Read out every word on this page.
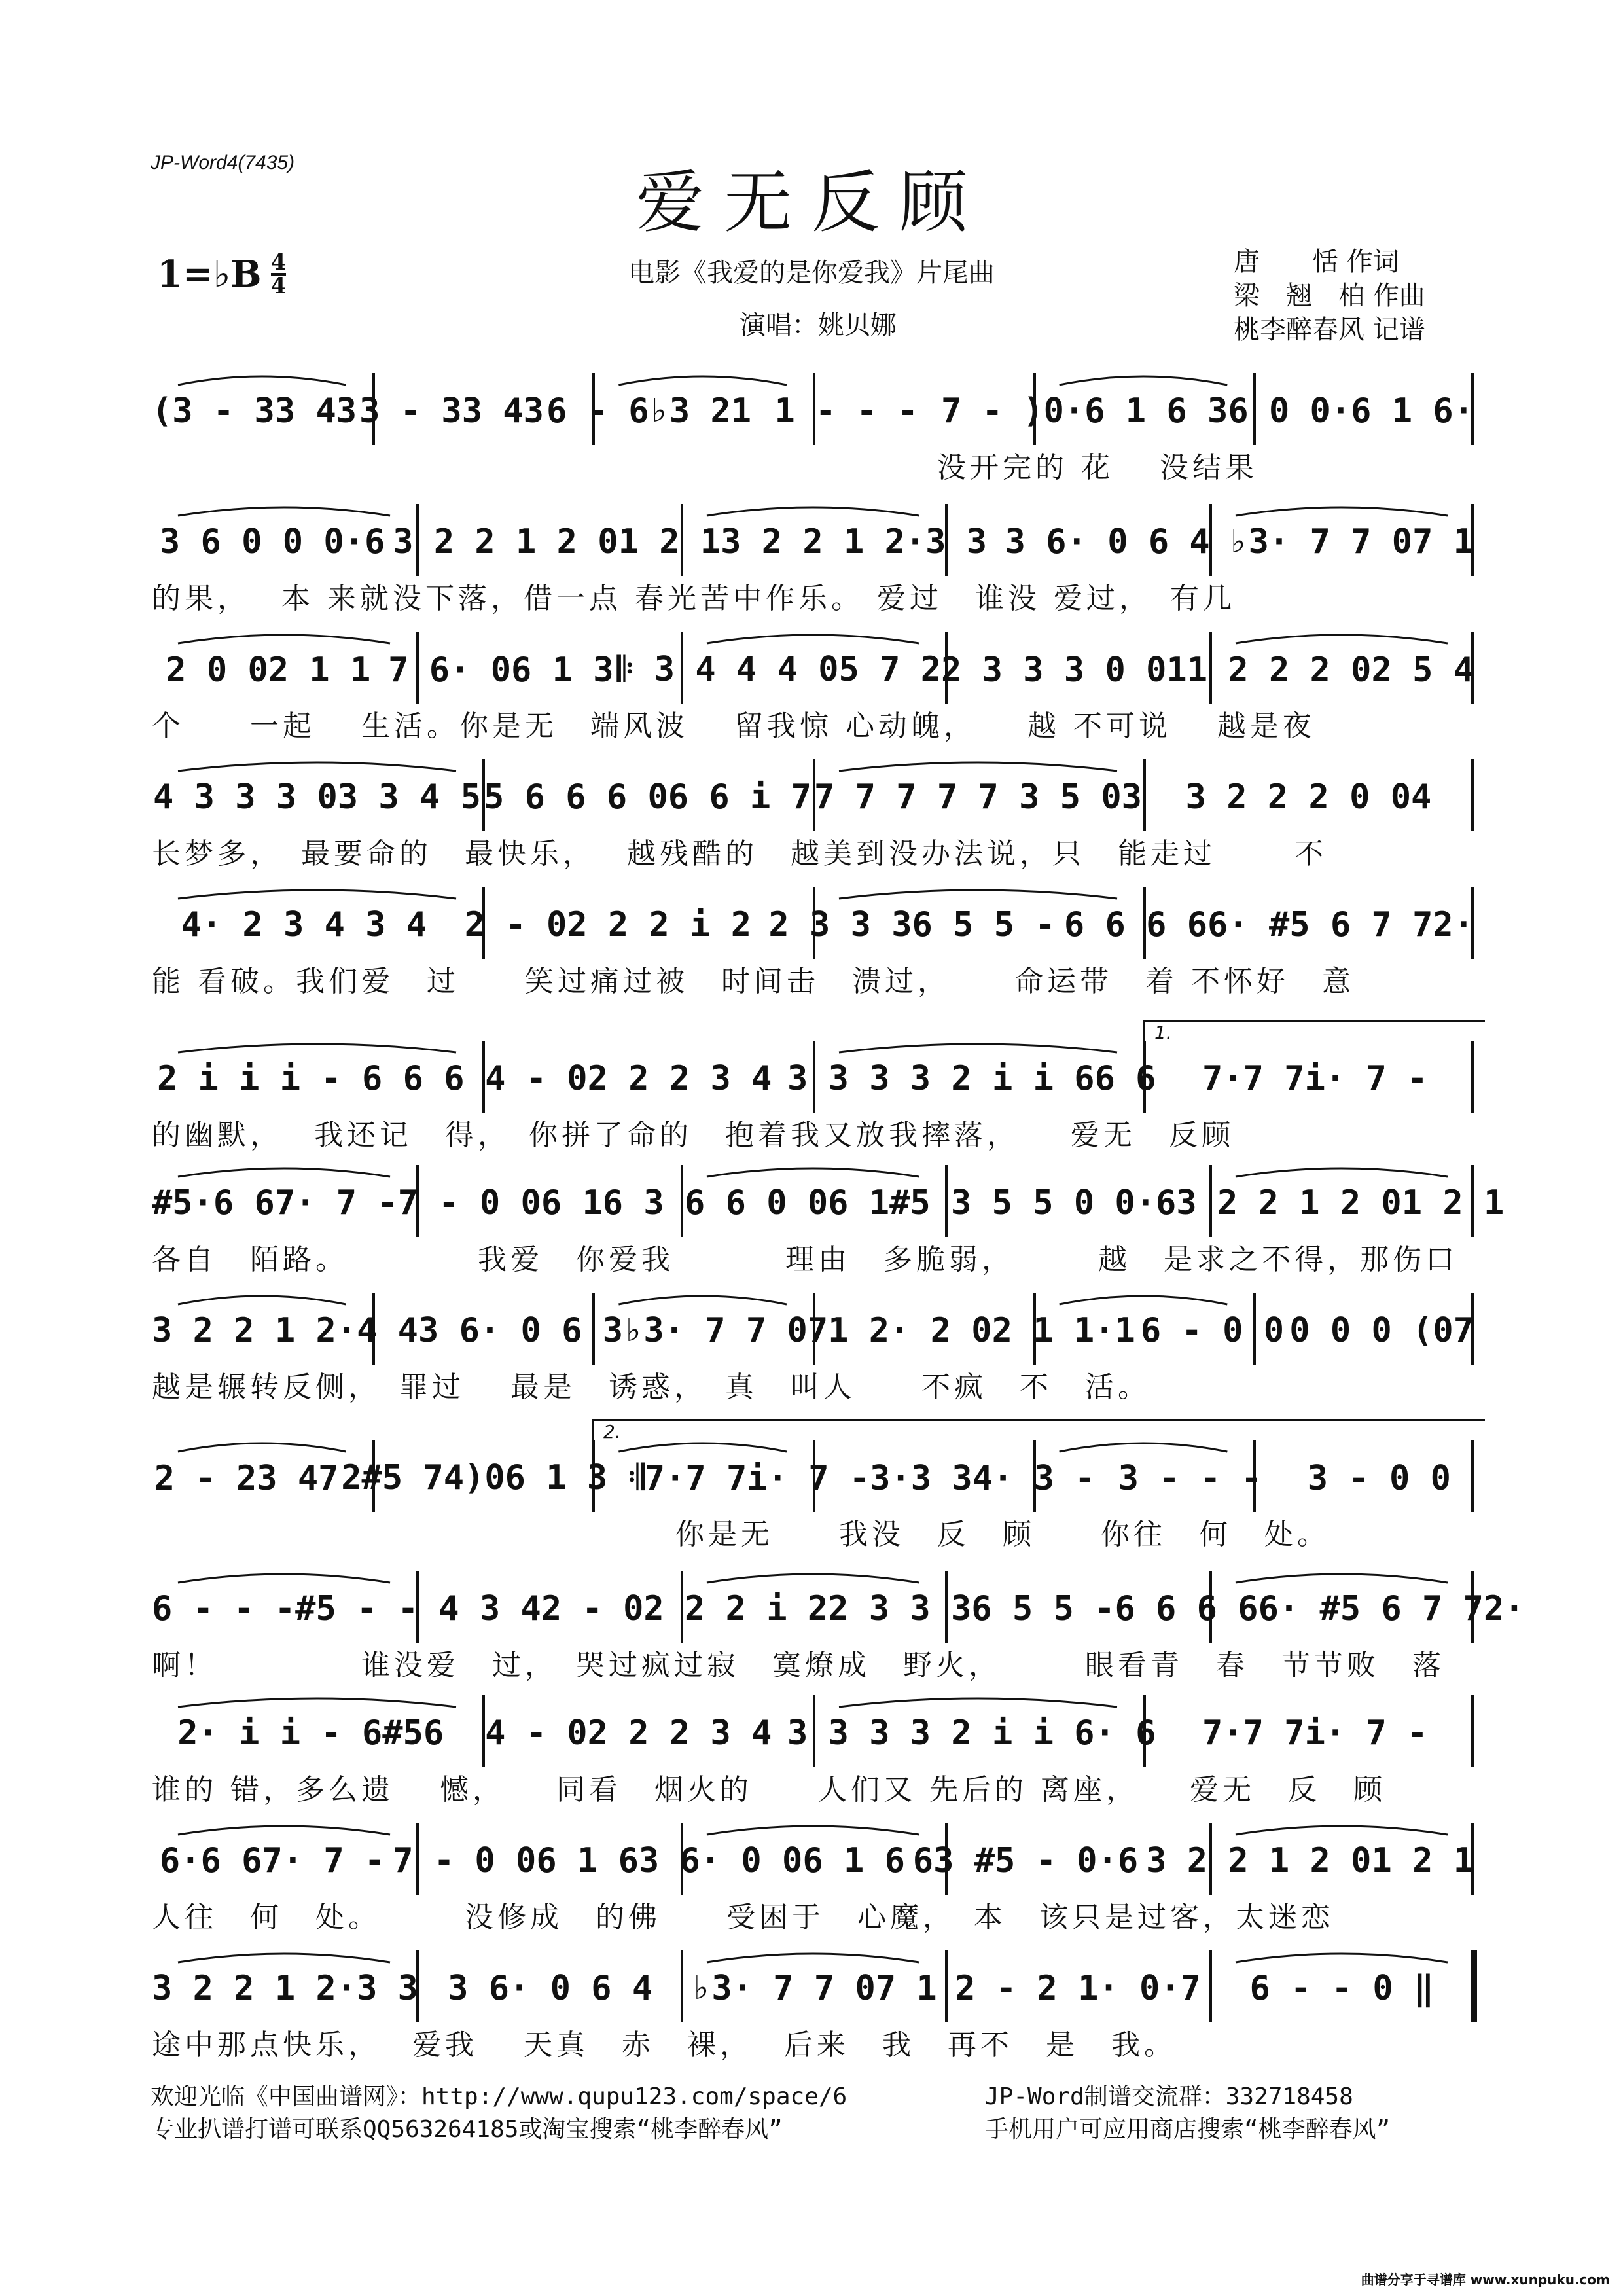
JP-Word4(7435)	爱无反顾
1=♭B 4
4	电影《我爱的是你爱我》片尾曲
演唱：姚贝娜
唐　　恬 作词
梁　翘　柏 作曲
桃李醉春风 记谱
(3 - 33 43 3 - 33 43 6 - 6♭3 21 1 - - - 7 - )0·6 1 6 3 6 0 0·6 1 6·
　　　　　　　　　　　　　　　　　　　　　　　　没开完的 花　 没结果
3 6 0 0 0·6 3 2 2 1 2 01 2 1 3 2 2 1 2·3 3 3 6· 0 6 4 ♭3· 7 7 07 1
的果，　 本 来就没下落，借一点 春光苦中作乐。 爱过　谁没 爱过，　有几
2 0 02 1 1 7 6· 06 1 3 𝄆 3 4 4 4 05 7 2 2 3 3 3 0 01 1 2 2 2 02 5 4
个　　一起　 生活。你是无　端风波　 留我惊 心动魄，　　越 不可说　 越是夜
4 3 3 3 03 3 4 5 5 6 6 6 06 6 i 7 7 7 7 7 7 3 5 03	3 2 2 2 0 04
长梦多，　最要命的　最快乐，　 越残酷的　越美到没办法说，只　能走过　　 不
4· 2 3 4 3 4	2 - 02 2 2 i 2 2 3 3 36 5 5 - 6 6 6 66· #5 6 7 72·
能 看破。我们爱　过　　笑过痛过被　时间击　溃过，　　 命运带　着 不怀好　意
2 i i i - 6 6 6 4 - 02 2 2 3 4 3 3 3 3 2 i i 66 6	7·7 7i· 7 -
的幽默，　 我还记　得，　你拼了命的　抱着我又放我摔落，　　爱无　反顾
1.
#5·6 67· 7 - 7 - 0 06 1 6 3 6 6 0 06 1 #5 3 5 5 0 0·6 3 2 2 1 2 01 2 1
各自　陌路。　　　　 我爱　你爱我　　　 理由　多脆弱，　　　越　是求之不得，那伤口
3 2 2 1 2·4 4 3 6· 0 6 3 ♭3· 7 7 07 1 2· 2 02 1 1·1 6 - 0 0 0 0 0 (07
越是辗转反侧，　罪过　 最是　诱惑，　真　叫人　　不疯　不　活。
2 - 23 47 2#5 74)06 1 3 𝄇 7·7 7i· 7 - 3·3 34· 3 - 3 - - -	3 - 0 0
　　　　　　　　　　　　　　　　你是无　　我没　反　顾　　你往　何　处。
2.
6 - - - #5 - - 4 3 4 2 - 02 2 2 i 2 2 3 3 36 5 5 - 6 6 6 66· #5 6 7 72·
啊！　　　　 谁没爱　过，　哭过疯过寂　寞燎成　野火，　　　眼看青　春　节节败　落
2· i i - 6#56	4 - 02 2 2 3 4 3 3 3 3 2 i i 6· 6	7·7 7i· 7 -
谁的 错，多么遗　 憾，　　同看　烟火的　　人们又 先后的 离座，　　爱无　反　顾
6·6 67· 7 - 7 - 0 06 1 6 3 6· 0 06 1 6 63 #5 - 0·6 3 2 2 1 2 01 2 1
人往　何　处。　　　没修成　的佛　　受困于　心魔，　本　该只是过客，太迷恋
3 2 2 1 2·3 3 3 6· 0 6 4	♭3· 7 7 07 1 2 - 2 1· 0·7	6 - - 0 ‖
途中那点快乐，　 爱我　 天真　赤　裸，　 后来　我　再不　是　我。
欢迎光临《中国曲谱网》：http://www.qupu123.com/space/6	JP-Word制谱交流群：332718458
专业扒谱打谱可联系QQ563264185或淘宝搜索“桃李醉春风”	手机用户可应用商店搜索“桃李醉春风”
曲谱分享于寻谱库 www.xunpuku.com
